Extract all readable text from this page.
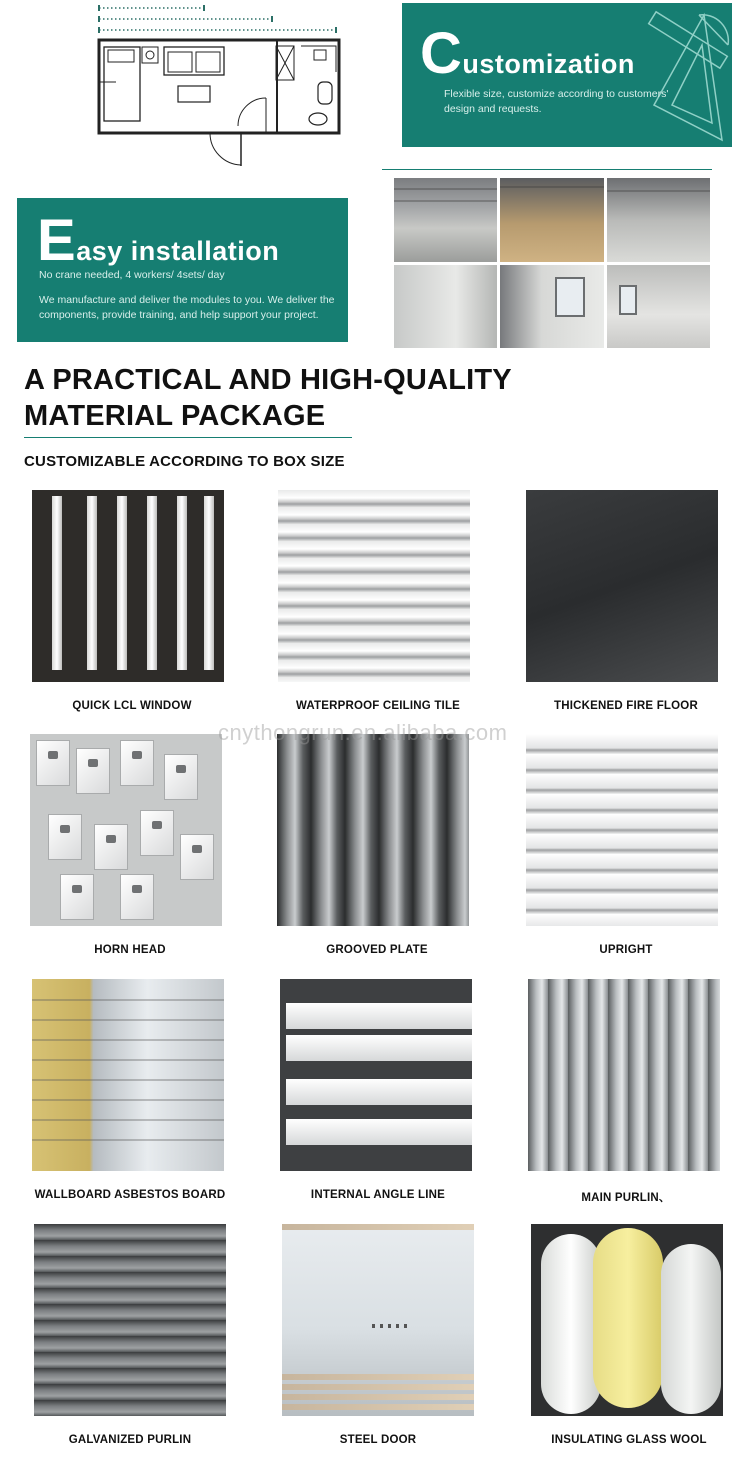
Customization
Flexible size, customize according to customers' design and requests.
Easy installation
No crane needed, 4 workers/ 4sets/ day
We manufacture and deliver the modules to you. We deliver the components, provide training, and help support your project.
A PRACTICAL AND HIGH-QUALITY
MATERIAL PACKAGE
CUSTOMIZABLE ACCORDING TO BOX SIZE
QUICK LCL WINDOW	WATERPROOF CEILING TILE	THICKENED FIRE FLOOR
HORN HEAD	GROOVED PLATE	UPRIGHT
WALLBOARD ASBESTOS BOARD	INTERNAL ANGLE LINE	MAIN PURLIN、
GALVANIZED PURLIN	STEEL DOOR	INSULATING GLASS WOOL
cnythongrun.en.alibaba.com
